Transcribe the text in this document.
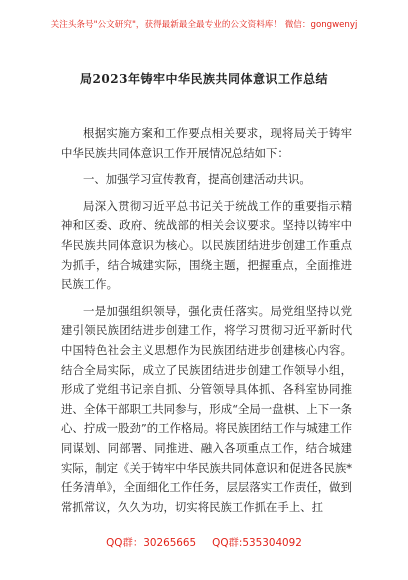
关注头条号"公文研究"，获得最新最全最专业的公文资料库！ 微信：gongwenyj
局2023年铸牢中华民族共同体意识工作总结

根据实施方案和工作要点相关要求，现将局关于铸牢中华民族共同体意识工作开展情况总结如下：

一、加强学习宣传教育，提高创建活动共识。

局深入贯彻习近平总书记关于统战工作的重要指示精神和区委、政府、统战部的相关会议要求。坚持以铸牢中华民族共同体意识为核心。以民族团结进步创建工作重点为抓手，结合城建实际，围绕主题，把握重点，全面推进民族工作。

一是加强组织领导，强化责任落实。局党组坚持以党建引领民族团结进步创建工作，将学习贯彻习近平新时代中国特色社会主义思想作为民族团结进步创建核心内容。结合全局实际，成立了民族团结进步创建工作领导小组，形成了党组书记亲自抓、分管领导具体抓、各科室协同推进、全体干部职工共同参与，形成“全局一盘棋、上下一条心、拧成一股劲”的工作格局。将民族团结工作与城建工作同谋划、同部署、同推进、融入各项重点工作，结合城建实际，制定《关于铸牢中华民族共同体意识和促进各民族*任务清单》，全面细化工作任务，层层落实工作责任，做到常抓常议，久久为功，切实将民族工作抓在手上、扛

QQ群：30265665 QQ群:535304092
